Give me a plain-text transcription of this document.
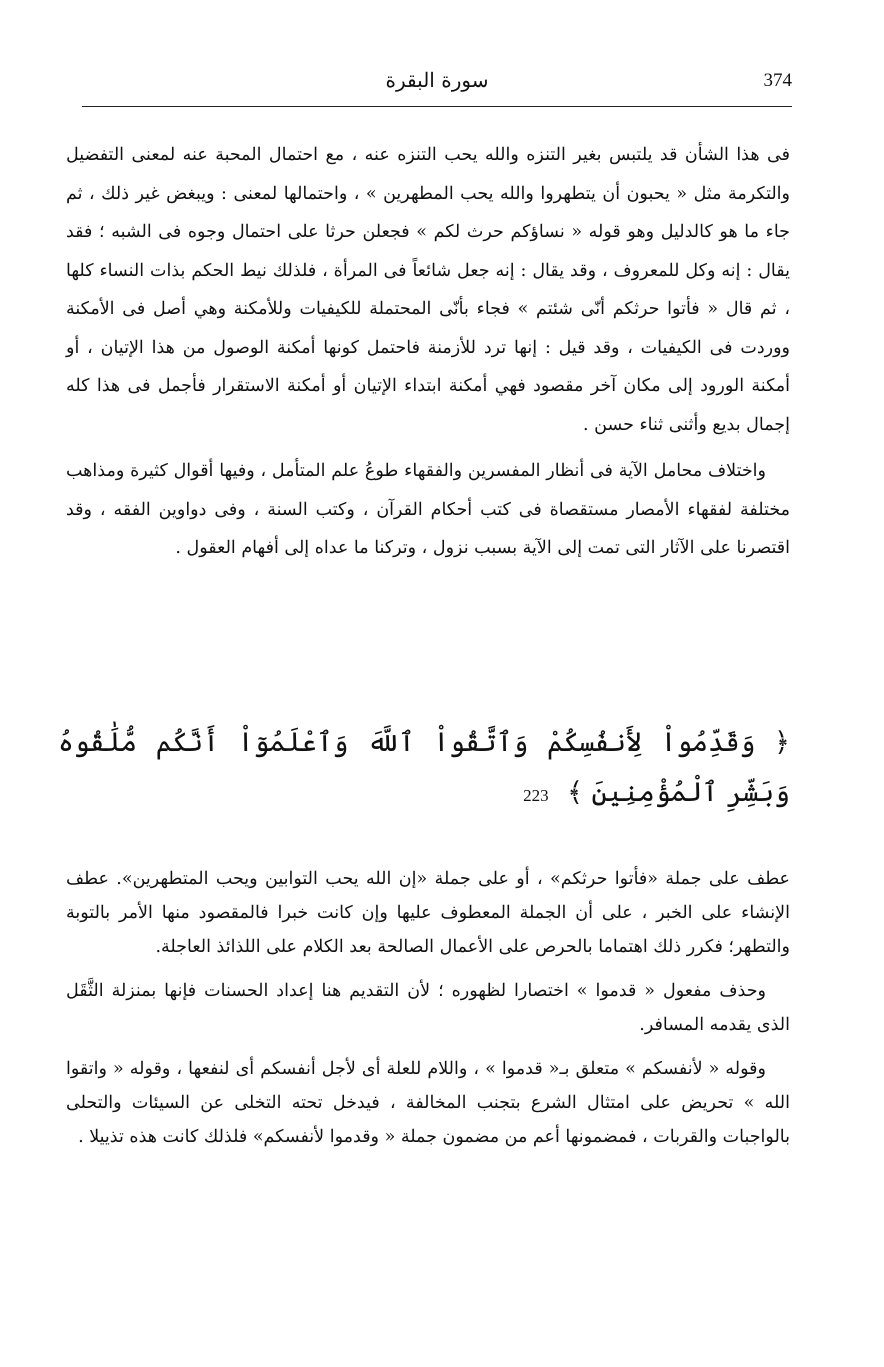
374
سورة البقرة

فى هذا الشأن قد يلتبس بغير التنزه والله يحب التنزه عنه ، مع احتمال المحبة عنه لمعنى التفضيل والتكرمة مثل « يحبون أن يتطهروا والله يحب المطهرين » ، واحتمالها لمعنى : ويبغض غير ذلك ، ثم جاء ما هو كالدليل وهو قوله « نساؤكم حرث لكم » فجعلن حرثا على احتمال وجوه فى الشبه ؛ فقد يقال : إنه وكل للمعروف ، وقد يقال : إنه جعل شائعاً فى المرأة ، فلذلك نيط الحكم بذات النساء كلها ، ثم قال « فأتوا حرثكم أنّى شئتم » فجاء بأنّى المحتملة للكيفيات وللأمكنة وهي أصل فى الأمكنة ووردت فى الكيفيات ، وقد قيل : إنها ترد للأزمنة فاحتمل كونها أمكنة الوصول من هذا الإتيان ، أو أمكنة الورود إلى مكان آخر مقصود فهي أمكنة ابتداء الإتيان أو أمكنة الاستقرار فأجمل فى هذا كله إجمال بديع وأثنى ثناء حسن .

واختلاف محامل الآية فى أنظار المفسرين والفقهاء طوعُ علم المتأمل ، وفيها أقوال كثيرة ومذاهب مختلفة لفقهاء الأمصار مستقصاة فى كتب أحكام القرآن ، وكتب السنة ، وفى دواوين الفقه ، وقد اقتصرنا على الآثار التى تمت إلى الآية بسبب نزول ، وتركنا ما عداه إلى أفهام العقول .

﴿ وَقَدِّمُواْ لِأَنفُسِكُمْ وَٱتَّقُواْ ٱللَّهَ وَٱعْلَمُوٓاْ أَنَّكُم مُّلَٰقُوهُ وَبَشِّرِ ٱلْمُؤْمِنِينَ ﴾ 223

عطف على جملة «فأتوا حرثكم» ، أو على جملة «إن الله يحب التوابين ويحب المتطهرين». عطف الإنشاء على الخبر ، على أن الجملة المعطوف عليها وإن كانت خبرا فالمقصود منها الأمر بالتوبة والتطهر؛ فكرر ذلك اهتماما بالحرص على الأعمال الصالحة بعد الكلام على اللذائذ العاجلة.

وحذف مفعول « قدموا » اختصارا لظهوره ؛ لأن التقديم هنا إعداد الحسنات فإنها بمنزلة الثَّقَل الذى يقدمه المسافر.

وقوله « لأنفسكم » متعلق بـ« قدموا » ، واللام للعلة أى لأجل أنفسكم أى لنفعها ، وقوله « واتقوا الله » تحريض على امتثال الشرع بتجنب المخالفة ، فيدخل تحته التخلى عن السيئات والتحلى بالواجبات والقربات ، فمضمونها أعم من مضمون جملة « وقدموا لأنفسكم» فلذلك كانت هذه تذييلا .
